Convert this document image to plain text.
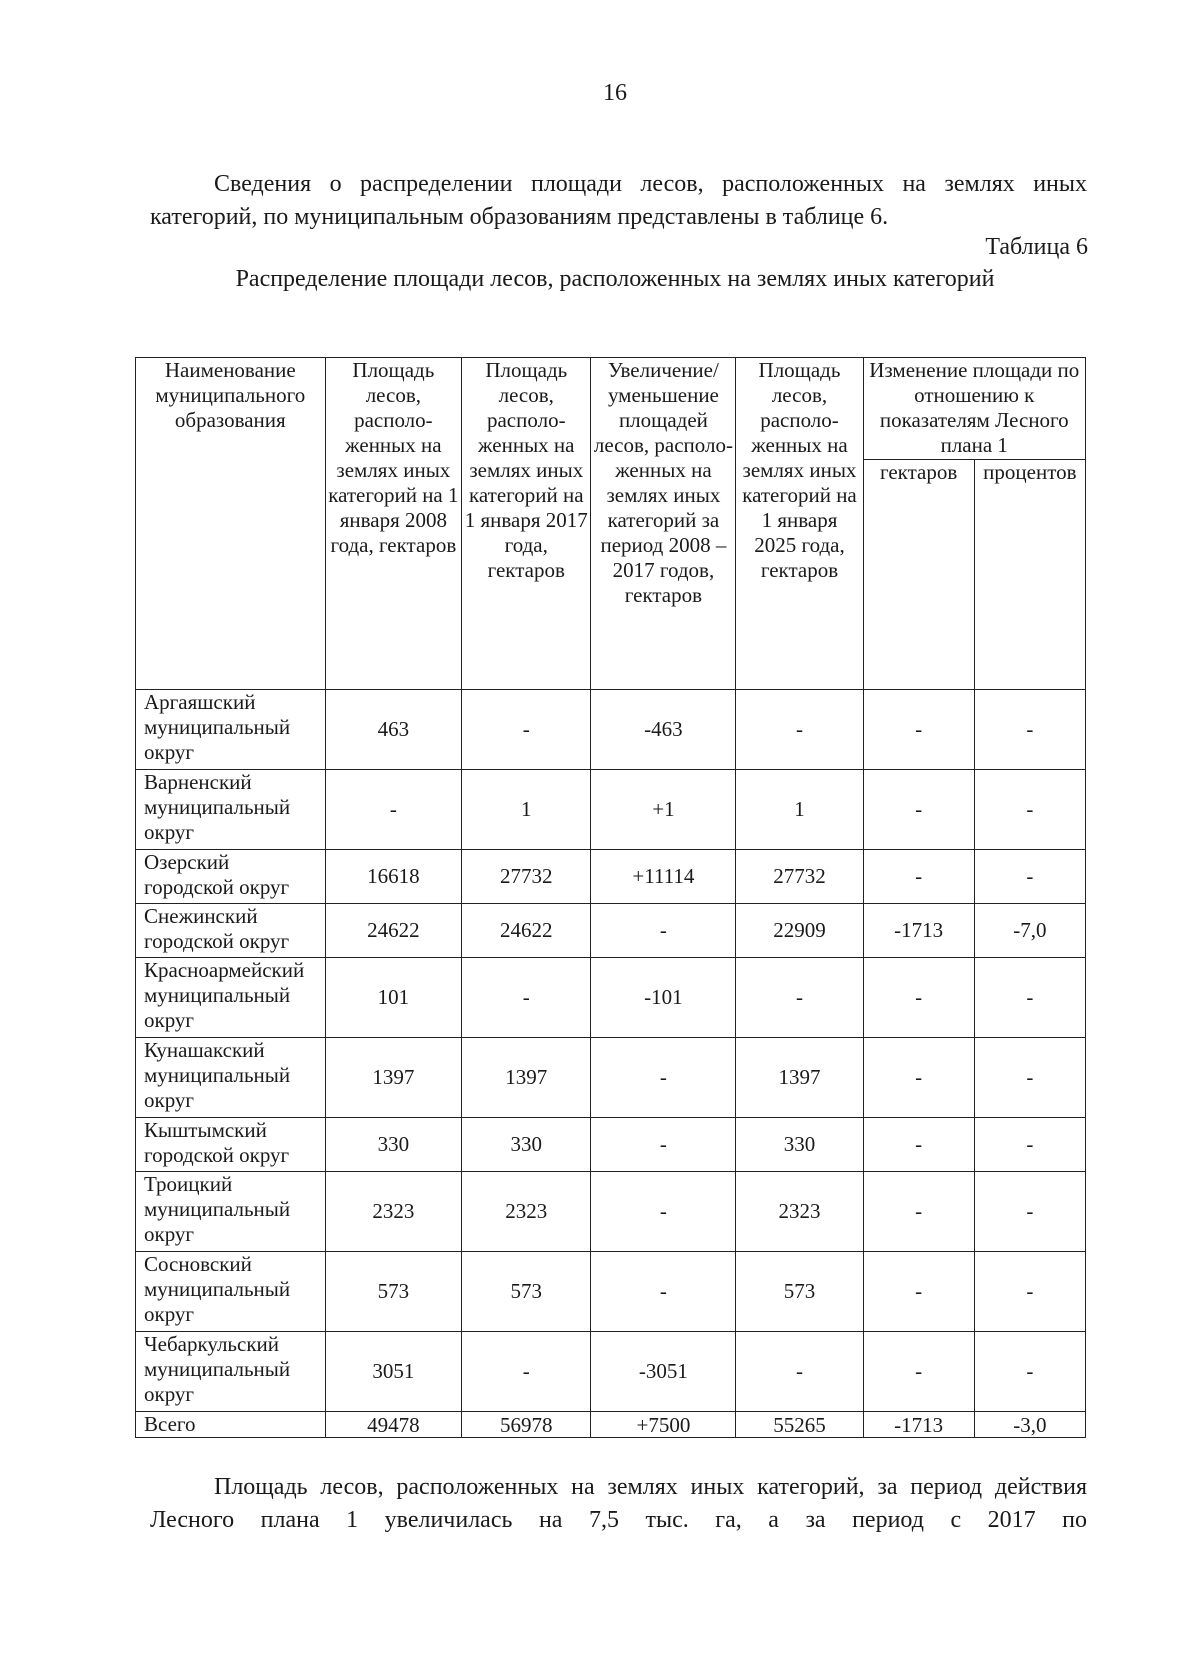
16

Сведения о распределении площади лесов, расположенных на землях иных категорий, по муниципальным образованиям представлены в таблице 6.

Таблица 6
Распределение площади лесов, расположенных на землях иных категорий
Наименование муниципального образования	Площадь лесов, располо-женных на землях иных категорий на 1 января 2008 года, гектаров	Площадь лесов, располо-женных на землях иных категорий на 1 января 2017 года, гектаров	Увеличение/ уменьшение площадей лесов, располо-женных на землях иных категорий за период 2008 – 2017 годов, гектаров	Площадь лесов, располо-женных на землях иных категорий на 1 января 2025 года, гектаров	Изменение площади по отношению к показателям Лесного плана 1	
					гектаров	процентов
Аргаяшский муниципальный округ	463	-	-463	-	-	-
Варненский муниципальный округ	-	1	+1	1	-	-
Озерский городской округ	16618	27732	+11114	27732	-	-
Снежинский городской округ	24622	24622	-	22909	-1713	-7,0
Красноармейский муниципальный округ	101	-	-101	-	-	-
Кунашакский муниципальный округ	1397	1397	-	1397	-	-
Кыштымский городской округ	330	330	-	330	-	-
Троицкий муниципальный округ	2323	2323	-	2323	-	-
Сосновский муниципальный округ	573	573	-	573	-	-
Чебаркульский муниципальный округ	3051	-	-3051	-	-	-
Всего	49478	56978	+7500	55265	-1713	-3,0

Площадь лесов, расположенных на землях иных категорий, за период действия Лесного плана 1 увеличилась на 7,5 тыс. га, а за период с 2017 по
